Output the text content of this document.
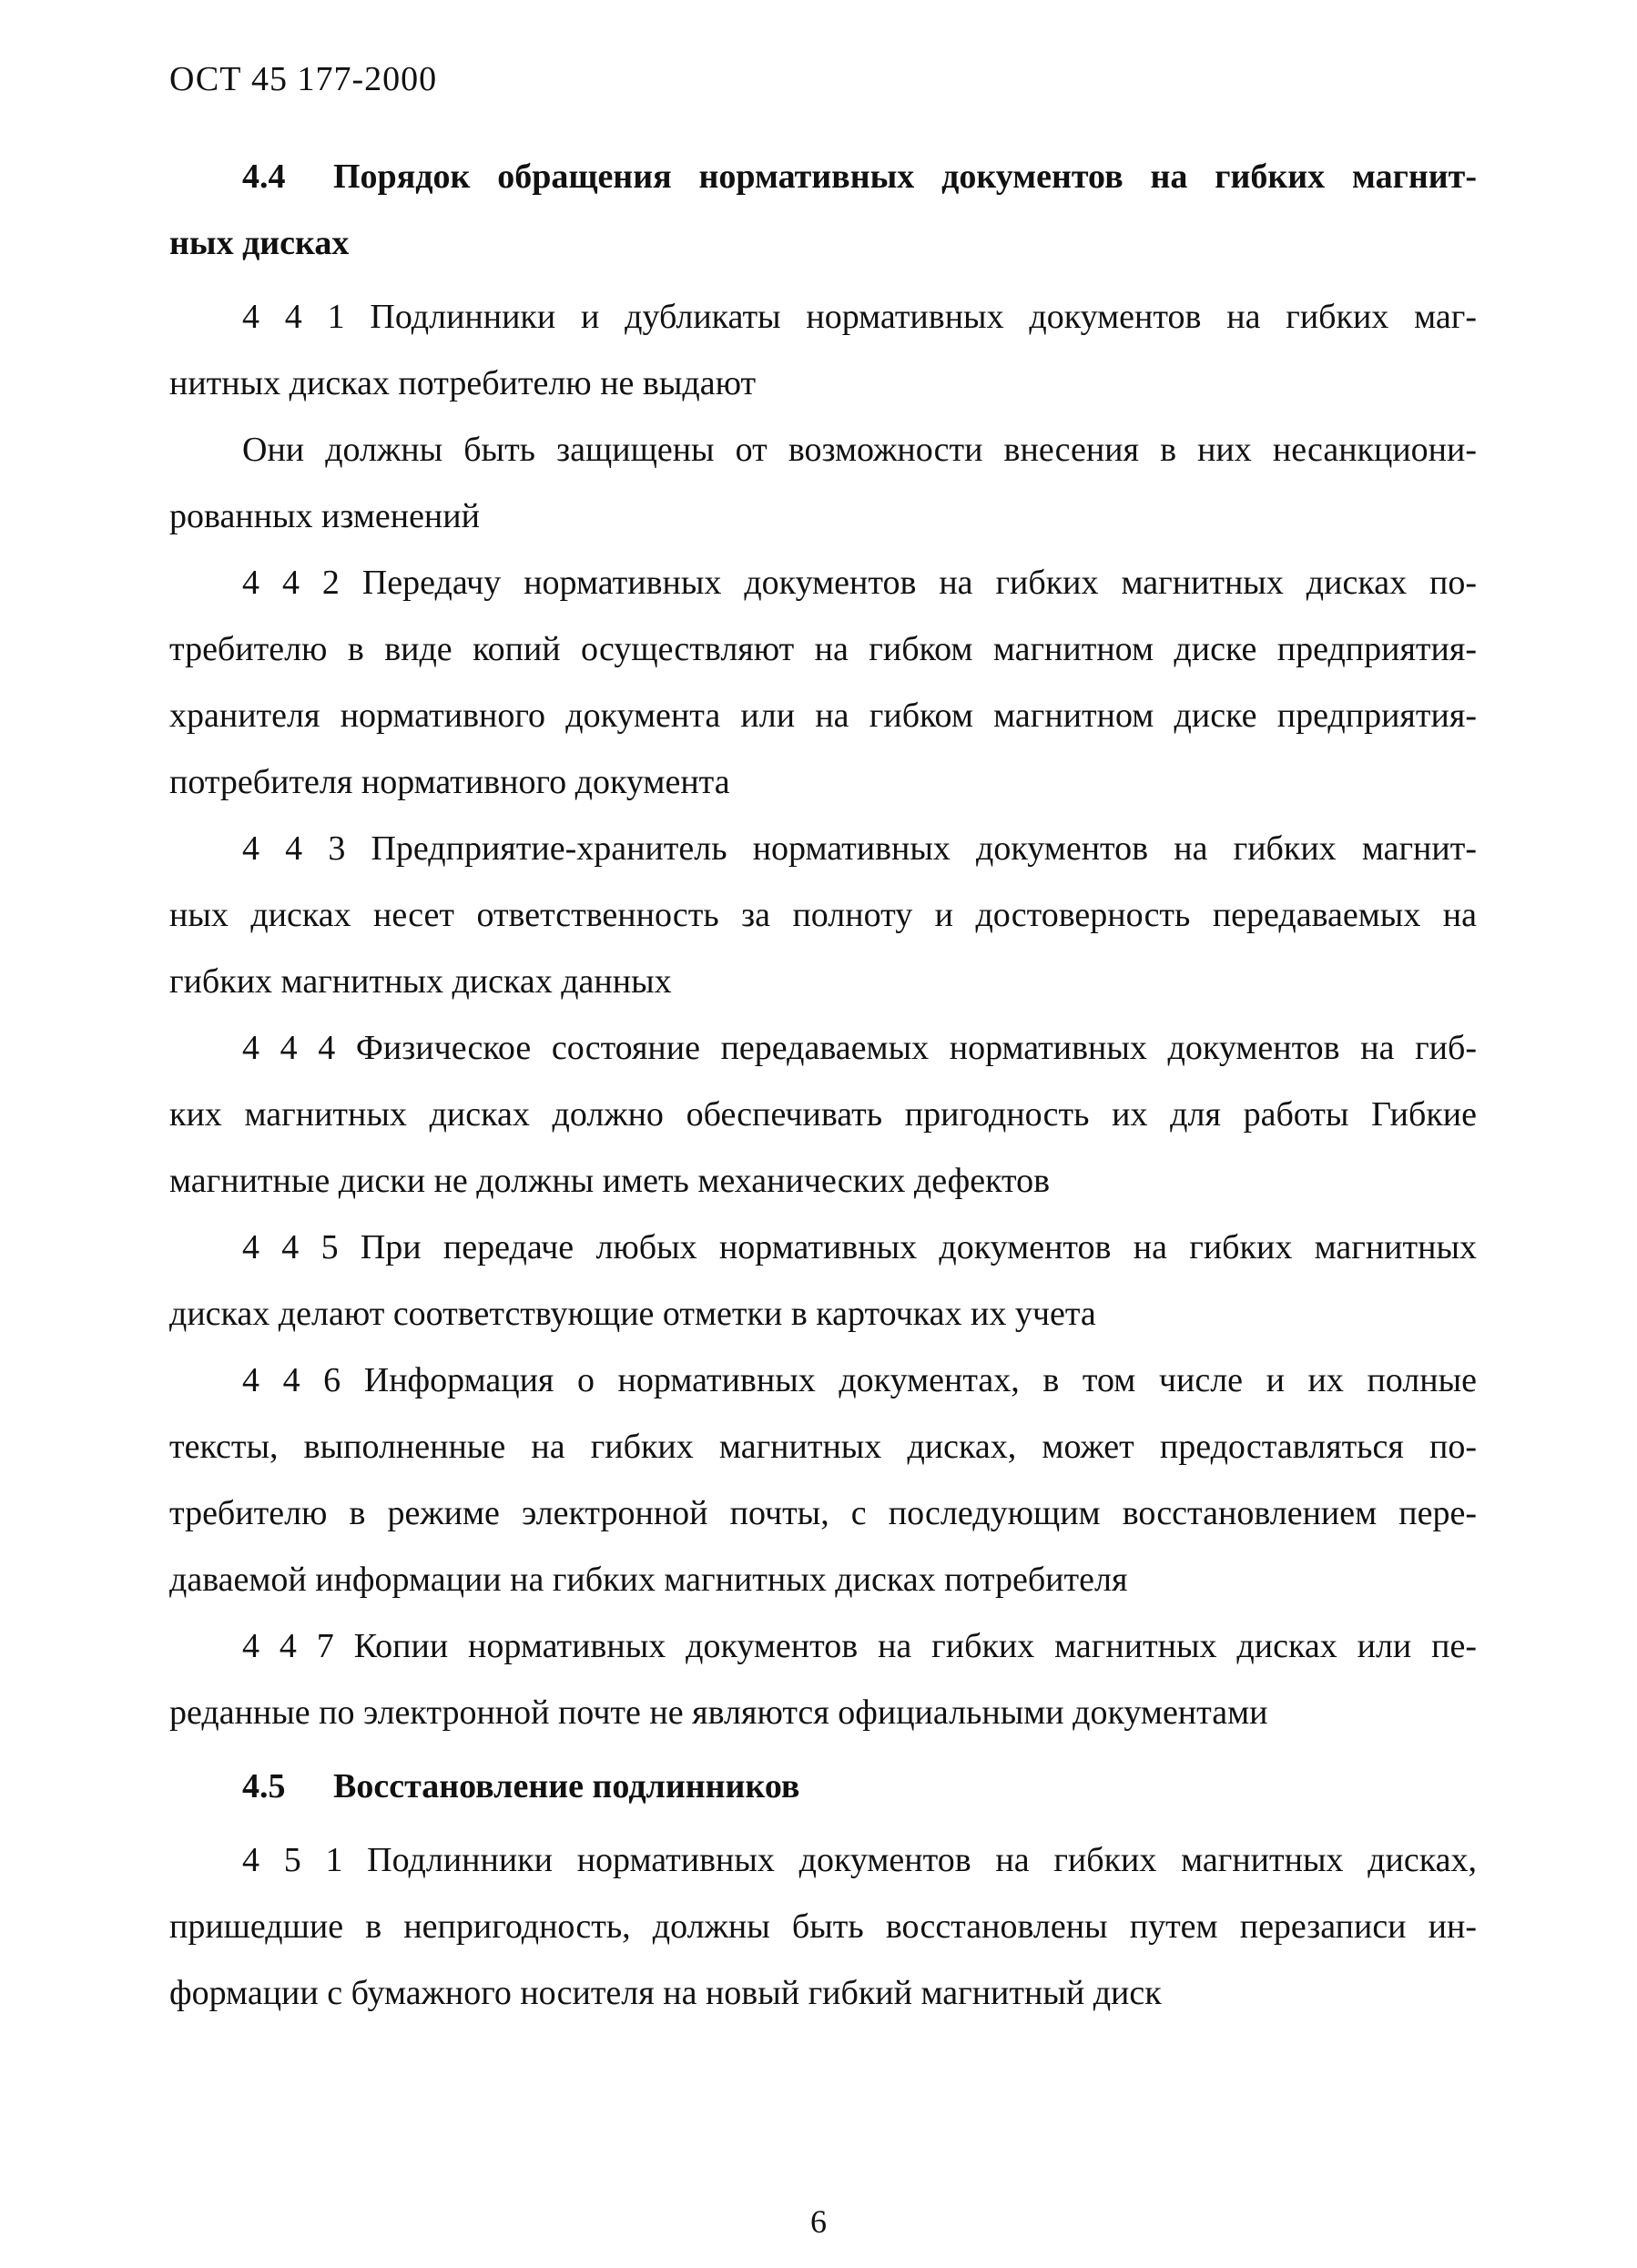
ОСТ 45 177-2000
4.4	Порядок обращения нормативных документов на гибких магнит-
ных дисках
4 4 1 Подлинники и дубликаты нормативных документов на гибких маг-
нитных дисках потребителю не выдают
Они должны быть защищены от возможности внесения в них несанкциони-
рованных изменений
4 4 2 Передачу нормативных документов на гибких магнитных дисках по-
требителю в виде копий осуществляют на гибком магнитном диске предприятия-
хранителя нормативного документа или на гибком магнитном диске предприятия-
потребителя нормативного документа
4 4 3 Предприятие-хранитель нормативных документов на гибких магнит-
ных дисках несет ответственность за полноту и достоверность передаваемых на
гибких магнитных дисках данных
4 4 4 Физическое состояние передаваемых нормативных документов на гиб-
ких магнитных дисках должно обеспечивать пригодность их для работы Гибкие
магнитные диски не должны иметь механических дефектов
4 4 5 При передаче любых нормативных документов на гибких магнитных
дисках делают соответствующие отметки в карточках их учета
4 4 6 Информация о нормативных документах, в том числе и их полные
тексты, выполненные на гибких магнитных дисках, может предоставляться по-
требителю в режиме электронной почты, с последующим восстановлением пере-
даваемой информации на гибких магнитных дисках потребителя
4 4 7 Копии нормативных документов на гибких магнитных дисках или пе-
реданные по электронной почте не являются официальными документами
4.5	Восстановление подлинников
4 5 1 Подлинники нормативных документов на гибких магнитных дисках,
пришедшие в непригодность, должны быть восстановлены путем перезаписи ин-
формации с бумажного носителя на новый гибкий магнитный диск
6
